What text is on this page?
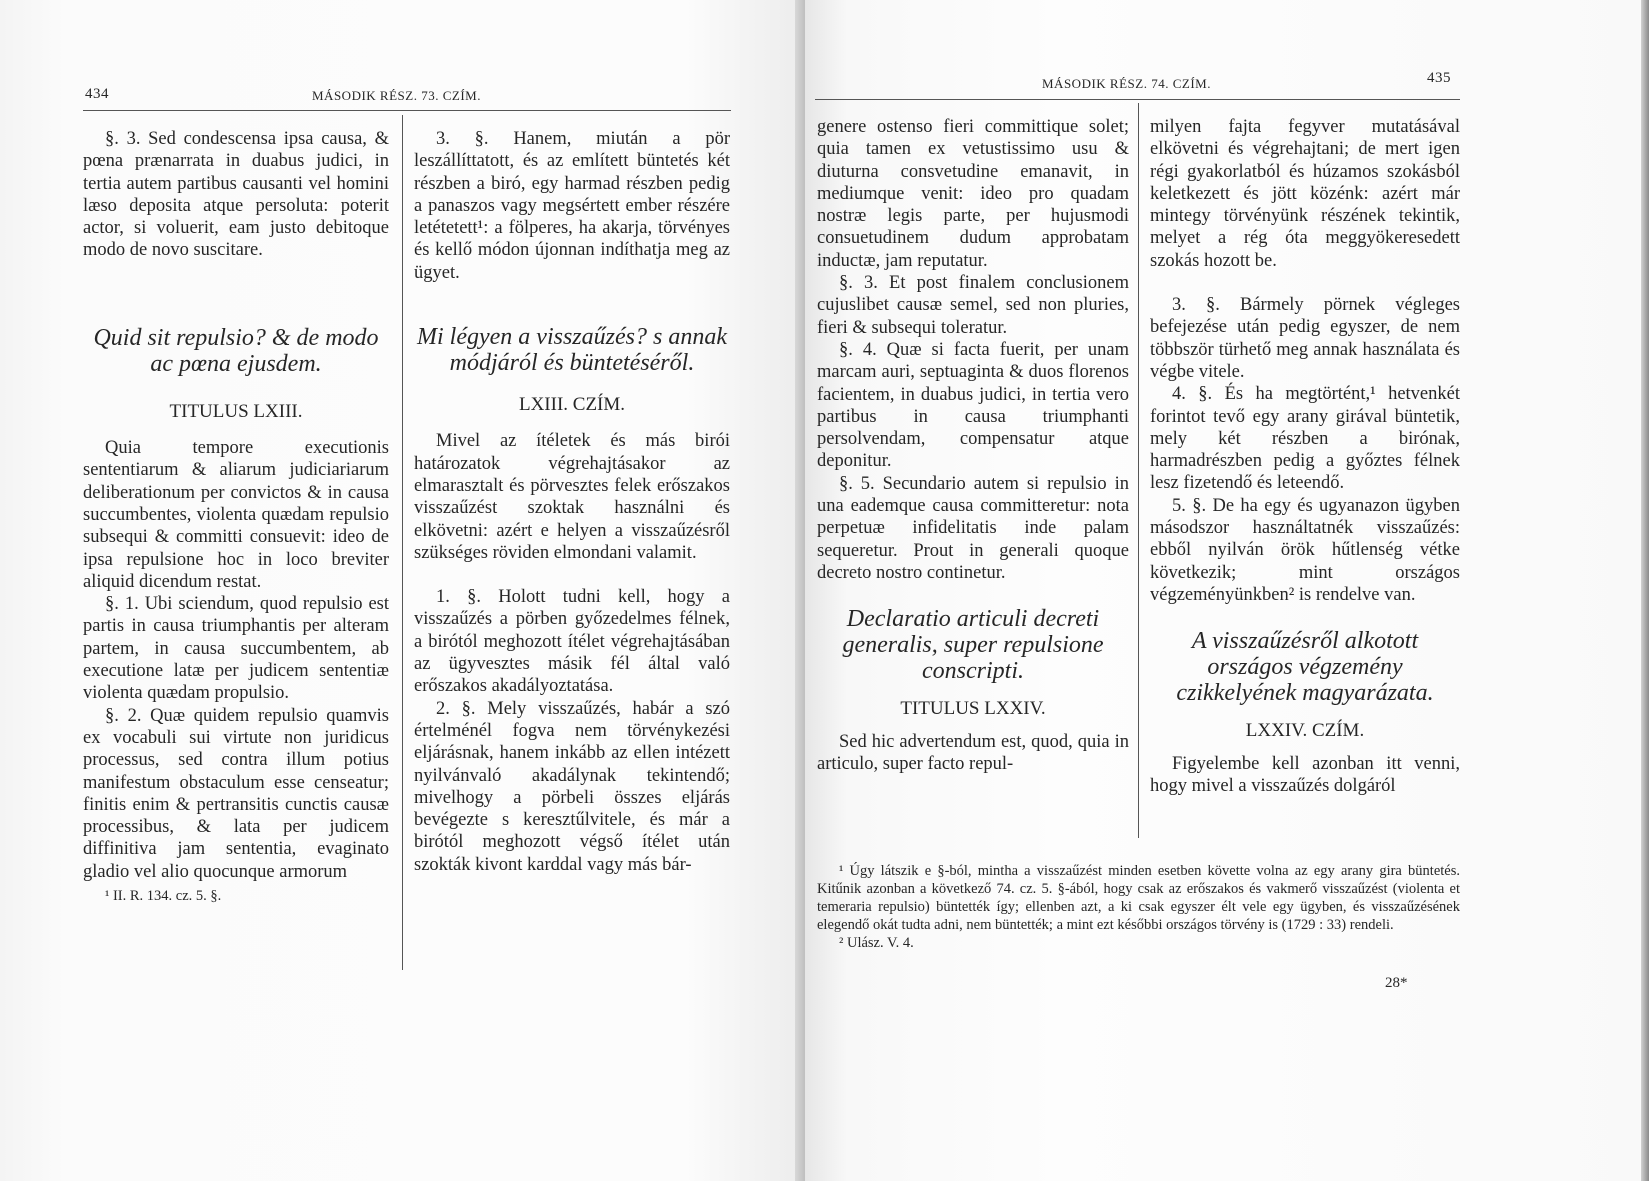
434	MÁSODIK RÉSZ. 73. CZÍM.

§. 3. Sed condescensa ipsa causa, & pœna prænarrata in duabus judici, in tertia autem partibus causanti vel homini læso deposita atque persoluta: poterit actor, si voluerit, eam justo debitoque modo de novo suscitare.

Quid sit repulsio? & de modo ac pœna ejusdem.

TITULUS LXIII.

Quia tempore executionis sententiarum & aliarum judiciariarum deliberationum per convictos & in causa succumbentes, violenta quædam repulsio subsequi & committi consuevit: ideo de ipsa repulsione hoc in loco breviter aliquid dicendum restat.

§. 1. Ubi sciendum, quod repulsio est partis in causa triumphantis per alteram partem, in causa succumbentem, ab executione latæ per judicem sententiæ violenta quædam propulsio.

§. 2. Quæ quidem repulsio quamvis ex vocabuli sui virtute non juridicus processus, sed contra illum potius manifestum obstaculum esse censeatur; finitis enim & pertransitis cunctis causæ processibus, & lata per judicem diffinitiva jam sententia, evaginato gladio vel alio quocunque armorum

¹ II. R. 134. cz. 5. §.

3. §. Hanem, miután a pör leszállíttatott, és az említett büntetés két részben a biró, egy harmad részben pedig a panaszos vagy megsértett ember részére letétetett¹: a fölperes, ha akarja, törvényes és kellő módon újonnan indíthatja meg az ügyet.

Mi légyen a visszaűzés? s annak módjáról és büntetéséről.

LXIII. CZÍM.

Mivel az ítéletek és más birói határozatok végrehajtásakor az elmarasztalt és pörvesztes felek erőszakos visszaűzést szoktak használni és elkövetni: azért e helyen a visszaűzésről szükséges röviden elmondani valamit.

1. §. Holott tudni kell, hogy a visszaűzés a pörben győzedelmes félnek, a birótól meghozott ítélet végrehajtásában az ügyvesztes másik fél által való erőszakos akadályoztatása.

2. §. Mely visszaűzés, habár a szó értelménél fogva nem törvénykezési eljárásnak, hanem inkább az ellen intézett nyilvánvaló akadálynak tekintendő; mivelhogy a pörbeli összes eljárás bevégezte s keresztűlvitele, és már a birótól meghozott végső ítélet után szokták kivont karddal vagy más bár-

MÁSODIK RÉSZ. 74. CZÍM.	435

genere ostenso fieri committique solet; quia tamen ex vetustissimo usu & diuturna consvetudine emanavit, in mediumque venit: ideo pro quadam nostræ legis parte, per hujusmodi consuetudinem dudum approbatam inductæ, jam reputatur.

§. 3. Et post finalem conclusionem cujuslibet causæ semel, sed non pluries, fieri & subsequi toleratur.

§. 4. Quæ si facta fuerit, per unam marcam auri, septuaginta & duos florenos facientem, in duabus judici, in tertia vero partibus in causa triumphanti persolvendam, compensatur atque deponitur.

§. 5. Secundario autem si repulsio in una eademque causa committeretur: nota perpetuæ infidelitatis inde palam sequeretur. Prout in generali quoque decreto nostro continetur.

Declaratio articuli decreti generalis, super repulsione conscripti.

TITULUS LXXIV.

Sed hic advertendum est, quod, quia in articulo, super facto repul-

milyen fajta fegyver mutatásával elkövetni és végrehajtani; de mert igen régi gyakorlatból és húzamos szokásból keletkezett és jött közénk: azért már mintegy törvényünk részének tekintik, melyet a rég óta meggyökeresedett szokás hozott be.

3. §. Bármely pörnek végleges befejezése után pedig egyszer, de nem többször türhető meg annak használata és végbe vitele.

4. §. És ha megtörtént,¹ hetvenkét forintot tevő egy arany girával büntetik, mely két részben a birónak, harmadrészben pedig a győztes félnek lesz fizetendő és leteendő.

5. §. De ha egy és ugyanazon ügyben másodszor használtatnék visszaűzés: ebből nyilván örök hűtlenség vétke következik; mint országos végzeményünkben² is rendelve van.

A visszaűzésről alkotott országos végzemény czikkelyének magyarázata.

LXXIV. CZÍM.

Figyelembe kell azonban itt venni, hogy mivel a visszaűzés dolgáról

¹ Úgy látszik e §-ból, mintha a visszaűzést minden esetben követte volna az egy arany gira büntetés. Kitűnik azonban a következő 74. cz. 5. §-ából, hogy csak az erőszakos és vakmerő visszaűzést (violenta et temeraria repulsio) büntették így; ellenben azt, a ki csak egyszer élt vele egy ügyben, és visszaűzésének elegendő okát tudta adni, nem büntették; a mint ezt későbbi országos törvény is (1729 : 33) rendeli.

² Ulász. V. 4.

28*
